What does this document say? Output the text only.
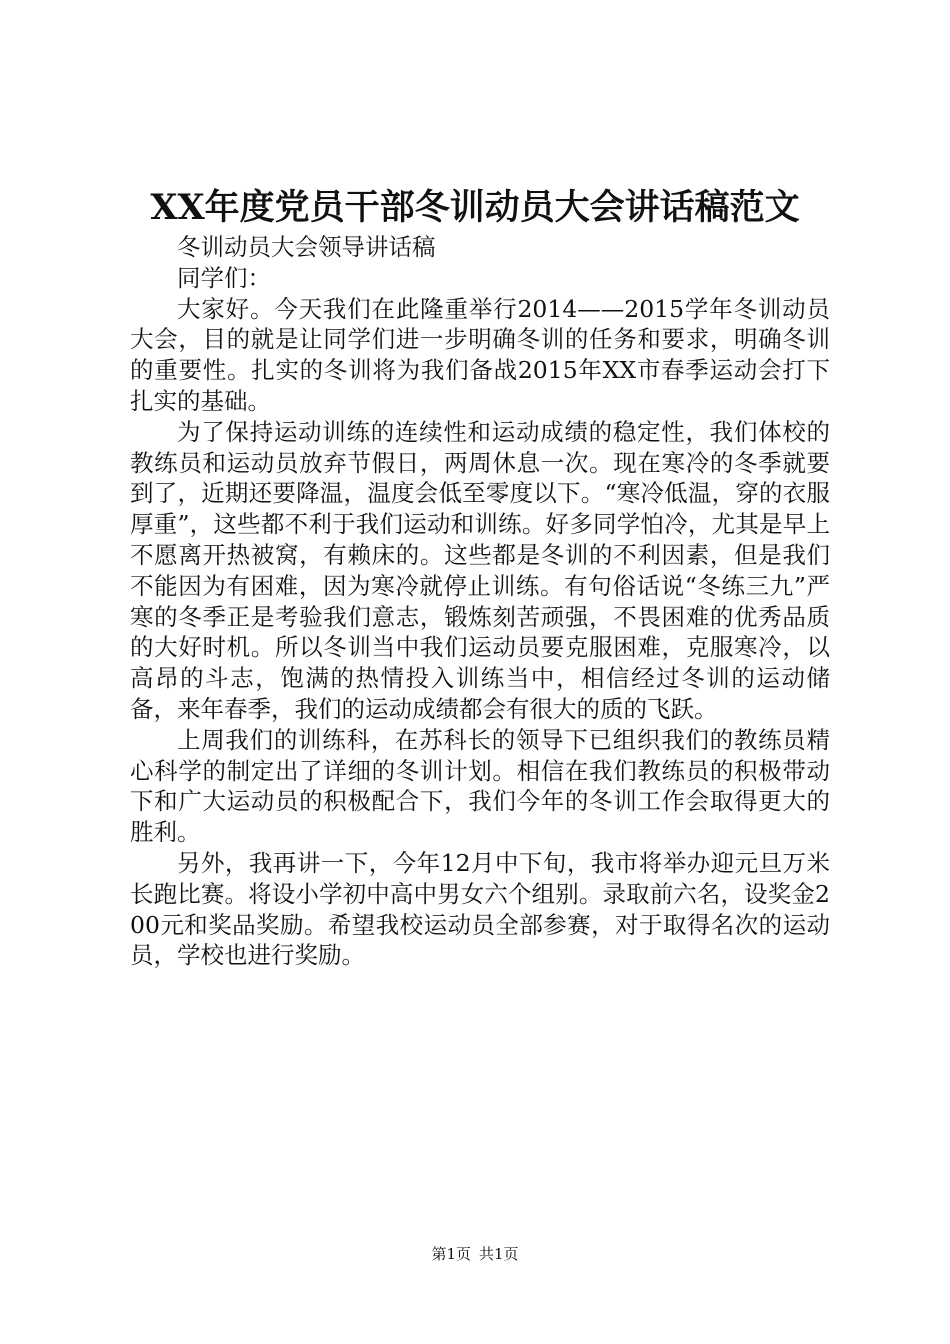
XX年度党员干部冬训动员大会讲话稿范文

冬训动员大会领导讲话稿

同学们：

大家好。今天我们在此隆重举行2014——2015学年冬训动员大会，目的就是让同学们进一步明确冬训的任务和要求，明确冬训的重要性。扎实的冬训将为我们备战2015年XX市春季运动会打下扎实的基础。

为了保持运动训练的连续性和运动成绩的稳定性，我们体校的教练员和运动员放弃节假日，两周休息一次。现在寒冷的冬季就要到了，近期还要降温，温度会低至零度以下。“寒冷低温，穿的衣服厚重”，这些都不利于我们运动和训练。好多同学怕冷，尤其是早上不愿离开热被窝，有赖床的。这些都是冬训的不利因素，但是我们不能因为有困难，因为寒冷就停止训练。有句俗话说“冬练三九”严寒的冬季正是考验我们意志，锻炼刻苦顽强，不畏困难的优秀品质的大好时机。所以冬训当中我们运动员要克服困难，克服寒冷，以高昂的斗志，饱满的热情投入训练当中，相信经过冬训的运动储备，来年春季，我们的运动成绩都会有很大的质的飞跃。

上周我们的训练科，在苏科长的领导下已组织我们的教练员精心科学的制定出了详细的冬训计划。相信在我们教练员的积极带动下和广大运动员的积极配合下，我们今年的冬训工作会取得更大的胜利。

另外，我再讲一下，今年12月中下旬，我市将举办迎元旦万米长跑比赛。将设小学初中高中男女六个组别。录取前六名，设奖金200元和奖品奖励。希望我校运动员全部参赛，对于取得名次的运动员，学校也进行奖励。

第1页 共1页
